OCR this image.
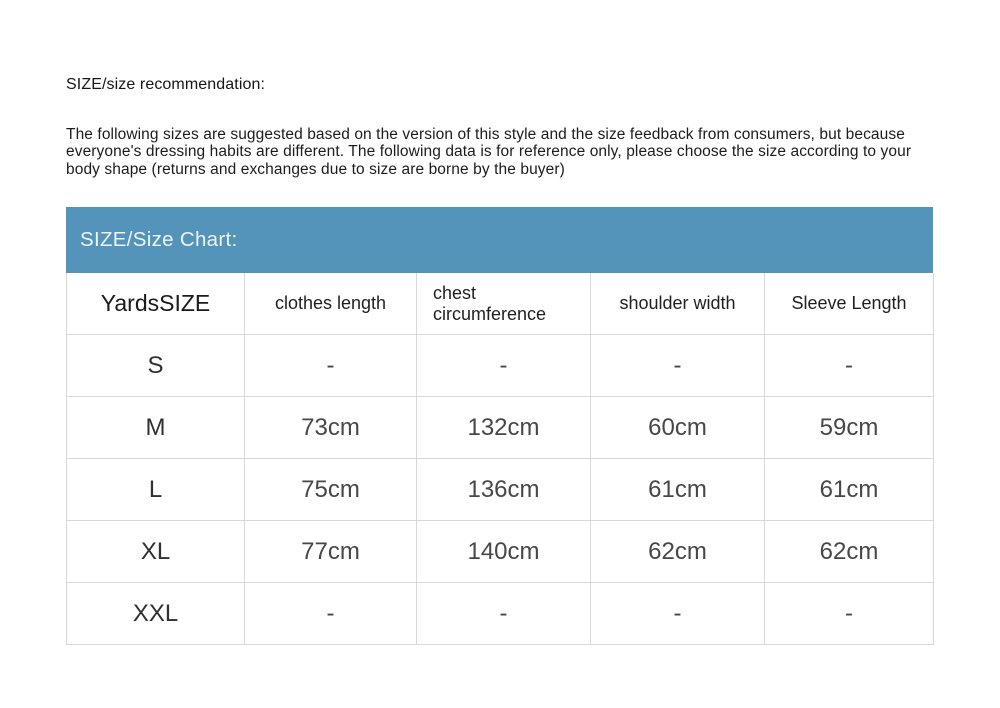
SIZE/size recommendation:

The following sizes are suggested based on the version of this style and the size feedback from consumers, but because everyone's dressing habits are different. The following data is for reference only, please choose the size according to your body shape (returns and exchanges due to size are borne by the buyer)

SIZE/Size Chart:
YardsSIZE	clothes length	chest circumference	shoulder width	Sleeve Length
S	-	-	-	-
M	73cm	132cm	60cm	59cm
L	75cm	136cm	61cm	61cm
XL	77cm	140cm	62cm	62cm
XXL	-	-	-	-
